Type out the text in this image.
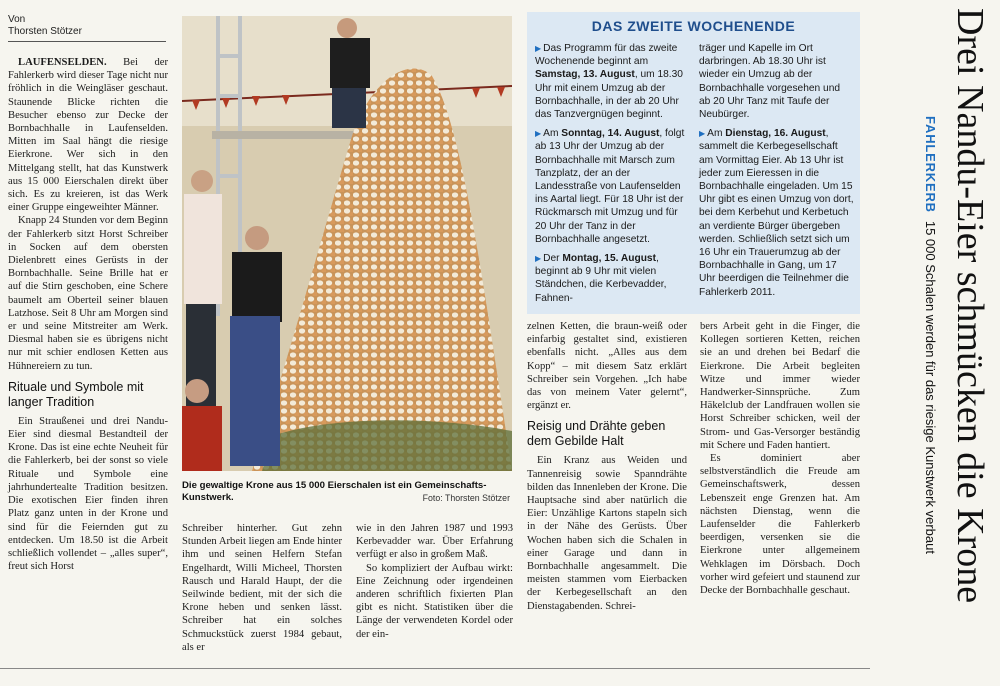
Von
Thorsten Stötzer

LAUFENSELDEN. Bei der Fahlerkerb wird dieser Tage nicht nur fröhlich in die Weingläser geschaut. Staunende Blicke richten die Besucher ebenso zur Decke der Bornbachhalle in Laufenselden. Mitten im Saal hängt die riesige Eierkrone. Wer sich in den Mittelgang stellt, hat das Kunstwerk aus 15 000 Eierschalen direkt über sich. Es zu kreieren, ist das Werk einer Gruppe eingeweihter Männer.

Knapp 24 Stunden vor dem Beginn der Fahlerkerb sitzt Horst Schreiber in Socken auf dem obersten Dielenbrett eines Gerüsts in der Bornbachhalle. Seine Brille hat er auf die Stirn geschoben, eine Schere baumelt am Oberteil seiner blauen Latzhose. Seit 8 Uhr am Morgen sind er und seine Mitstreiter am Werk. Diesmal haben sie es übrigens nicht nur mit schier endlosen Ketten aus Hühnereiern zu tun.

Rituale und Symbole mit langer Tradition

Ein Straußenei und drei Nandu-Eier sind diesmal Bestandteil der Krone. Das ist eine echte Neuheit für die Fahlerkerb, bei der sonst so viele Rituale und Symbole eine jahrhundertealte Tradition besitzen. Die exotischen Eier finden ihren Platz ganz unten in der Krone und sind für die Feiernden gut zu entdecken. Um 18.50 ist die Arbeit schließlich vollendet – „alles super“, freut sich Horst

Die gewaltige Krone aus 15 000 Eierschalen ist ein Gemeinschafts-Kunstwerk.	Foto: Thorsten Stötzer

Schreiber hinterher. Gut zehn Stunden Arbeit liegen am Ende hinter ihm und seinen Helfern Stefan Engelhardt, Willi Micheel, Thorsten Rausch und Harald Haupt, der die Seilwinde bedient, mit der sich die Krone heben und senken lässt. Schreiber hat ein solches Schmuckstück zuerst 1984 gebaut, als er

wie in den Jahren 1987 und 1993 Kerbevadder war. Über Erfahrung verfügt er also in großem Maß.

So kompliziert der Aufbau wirkt: Eine Zeichnung oder irgendeinen anderen schriftlich fixierten Plan gibt es nicht. Statistiken über die Länge der verwendeten Kordel oder der ein-

DAS ZWEITE WOCHENENDE

▶ Das Programm für das zweite Wochenende beginnt am Samstag, 13. August, um 18.30 Uhr mit einem Umzug ab der Bornbachhalle, in der ab 20 Uhr das Tanzvergnügen beginnt.

▶ Am Sonntag, 14. August, folgt ab 13 Uhr der Umzug ab der Bornbachhalle mit Marsch zum Tanzplatz, der an der Landesstraße von Laufenselden ins Aartal liegt. Für 18 Uhr ist der Rückmarsch mit Umzug und für 20 Uhr der Tanz in der Bornbachhalle angesetzt.

▶ Der Montag, 15. August, beginnt ab 9 Uhr mit vielen Ständchen, die Kerbevadder, Fahnen-

träger und Kapelle im Ort darbringen. Ab 18.30 Uhr ist wieder ein Umzug ab der Bornbachhalle vorgesehen und ab 20 Uhr Tanz mit Taufe der Neubürger.

▶ Am Dienstag, 16. August, sammelt die Kerbegesellschaft am Vormittag Eier. Ab 13 Uhr ist jeder zum Eieressen in die Bornbachhalle eingeladen. Um 15 Uhr gibt es einen Umzug von dort, bei dem Kerbehut und Kerbetuch an verdiente Bürger übergeben werden. Schließlich setzt sich um 16 Uhr ein Trauerumzug ab der Bornbachhalle in Gang, um 17 Uhr beerdigen die Teilnehmer die Fahlerkerb 2011.

zelnen Ketten, die braun-weiß oder einfarbig gestaltet sind, existieren ebenfalls nicht. „Alles aus dem Kopp“ – mit diesem Satz erklärt Schreiber sein Vorgehen. „Ich habe das von meinem Vater gelernt“, ergänzt er.

Reisig und Drähte geben dem Gebilde Halt

Ein Kranz aus Weiden und Tannenreisig sowie Spanndrähte bilden das Innenleben der Krone. Die Hauptsache sind aber natürlich die Eier: Unzählige Kartons stapeln sich in der Nähe des Gerüsts. Über Wochen haben sich die Schalen in einer Garage und dann in Bornbachhalle angesammelt. Die meisten stammen vom Eierbacken der Kerbegesellschaft an den Dienstagabenden. Schrei-

bers Arbeit geht in die Finger, die Kollegen sortieren Ketten, reichen sie an und drehen bei Bedarf die Eierkrone. Die Arbeit begleiten Witze und immer wieder Handwerker-Sinnsprüche. Zum Häkelclub der Landfrauen wollen sie Horst Schreiber schicken, weil der Strom- und Gas-Versorger beständig mit Schere und Faden hantiert.

Es dominiert aber selbstverständlich die Freude am Gemeinschaftswerk, dessen Lebenszeit enge Grenzen hat. Am nächsten Dienstag, wenn die Laufenselder die Fahlerkerb beerdigen, versenken sie die Eierkrone unter allgemeinem Wehklagen im Dörsbach. Doch vorher wird gefeiert und staunend zur Decke der Bornbachhalle geschaut.	Drei Nandu-Eier schmücken die Krone
FAHLERKERB15 000 Schalen werden für das riesige Kunstwerk verbaut
